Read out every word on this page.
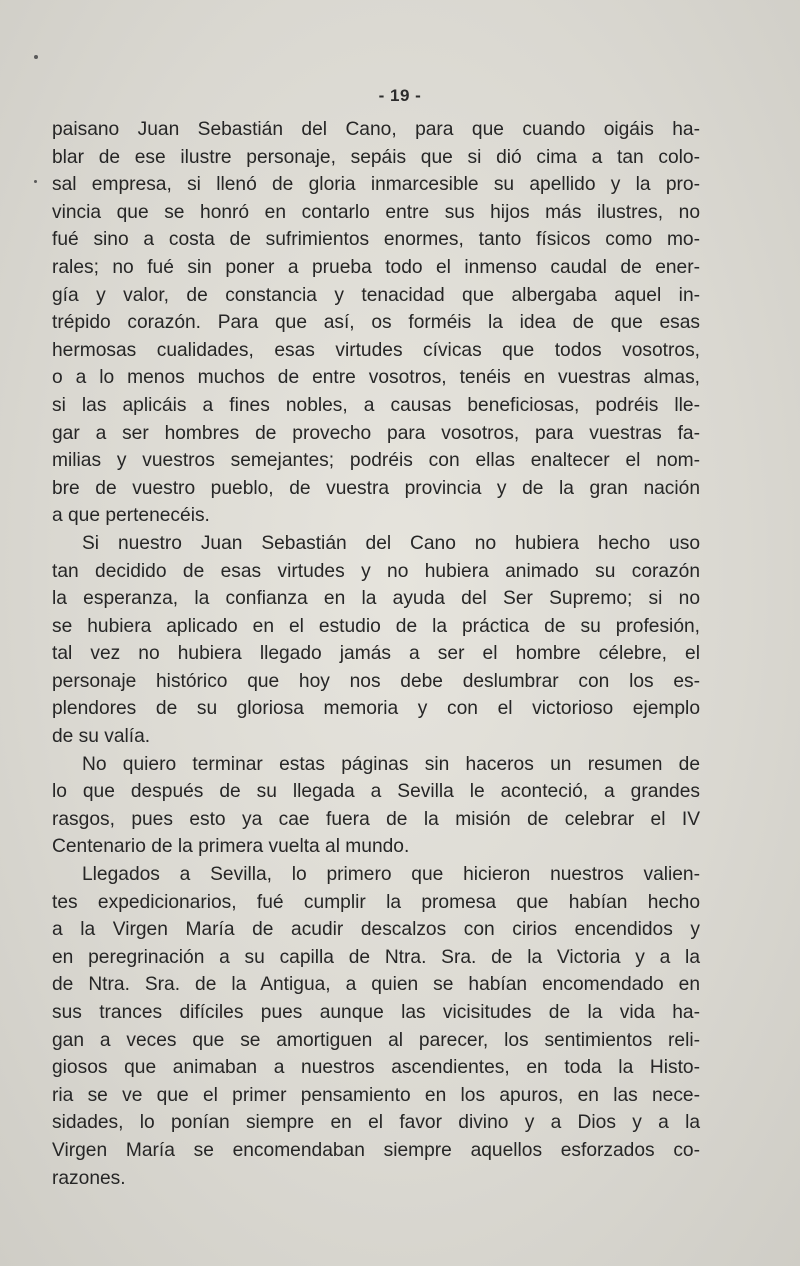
- 19 -
paisano Juan Sebastián del Cano, para que cuando oigáis ha-
blar de ese ilustre personaje, sepáis que si dió cima a tan colo-
sal empresa, si llenó de gloria inmarcesible su apellido y la pro-
vincia que se honró en contarlo entre sus hijos más ilustres, no
fué sino a costa de sufrimientos enormes, tanto físicos como mo-
rales; no fué sin poner a prueba todo el inmenso caudal de ener-
gía y valor, de constancia y tenacidad que albergaba aquel in-
trépido corazón. Para que así, os forméis la idea de que esas
hermosas cualidades, esas virtudes cívicas que todos vosotros,
o a lo menos muchos de entre vosotros, tenéis en vuestras almas,
si las aplicáis a fines nobles, a causas beneficiosas, podréis lle-
gar a ser hombres de provecho para vosotros, para vuestras fa-
milias y vuestros semejantes; podréis con ellas enaltecer el nom-
bre de vuestro pueblo, de vuestra provincia y de la gran nación
a que pertenecéis.
Si nuestro Juan Sebastián del Cano no hubiera hecho uso
tan decidido de esas virtudes y no hubiera animado su corazón
la esperanza, la confianza en la ayuda del Ser Supremo; si no
se hubiera aplicado en el estudio de la práctica de su profesión,
tal vez no hubiera llegado jamás a ser el hombre célebre, el
personaje histórico que hoy nos debe deslumbrar con los es-
plendores de su gloriosa memoria y con el victorioso ejemplo
de su valía.
No quiero terminar estas páginas sin haceros un resumen de
lo que después de su llegada a Sevilla le aconteció, a grandes
rasgos, pues esto ya cae fuera de la misión de celebrar el IV
Centenario de la primera vuelta al mundo.
Llegados a Sevilla, lo primero que hicieron nuestros valien-
tes expedicionarios, fué cumplir la promesa que habían hecho
a la Virgen María de acudir descalzos con cirios encendidos y
en peregrinación a su capilla de Ntra. Sra. de la Victoria y a la
de Ntra. Sra. de la Antigua, a quien se habían encomendado en
sus trances difíciles pues aunque las vicisitudes de la vida ha-
gan a veces que se amortiguen al parecer, los sentimientos reli-
giosos que animaban a nuestros ascendientes, en toda la Histo-
ria se ve que el primer pensamiento en los apuros, en las nece-
sidades, lo ponían siempre en el favor divino y a Dios y a la
Virgen María se encomendaban siempre aquellos esforzados co-
razones.
